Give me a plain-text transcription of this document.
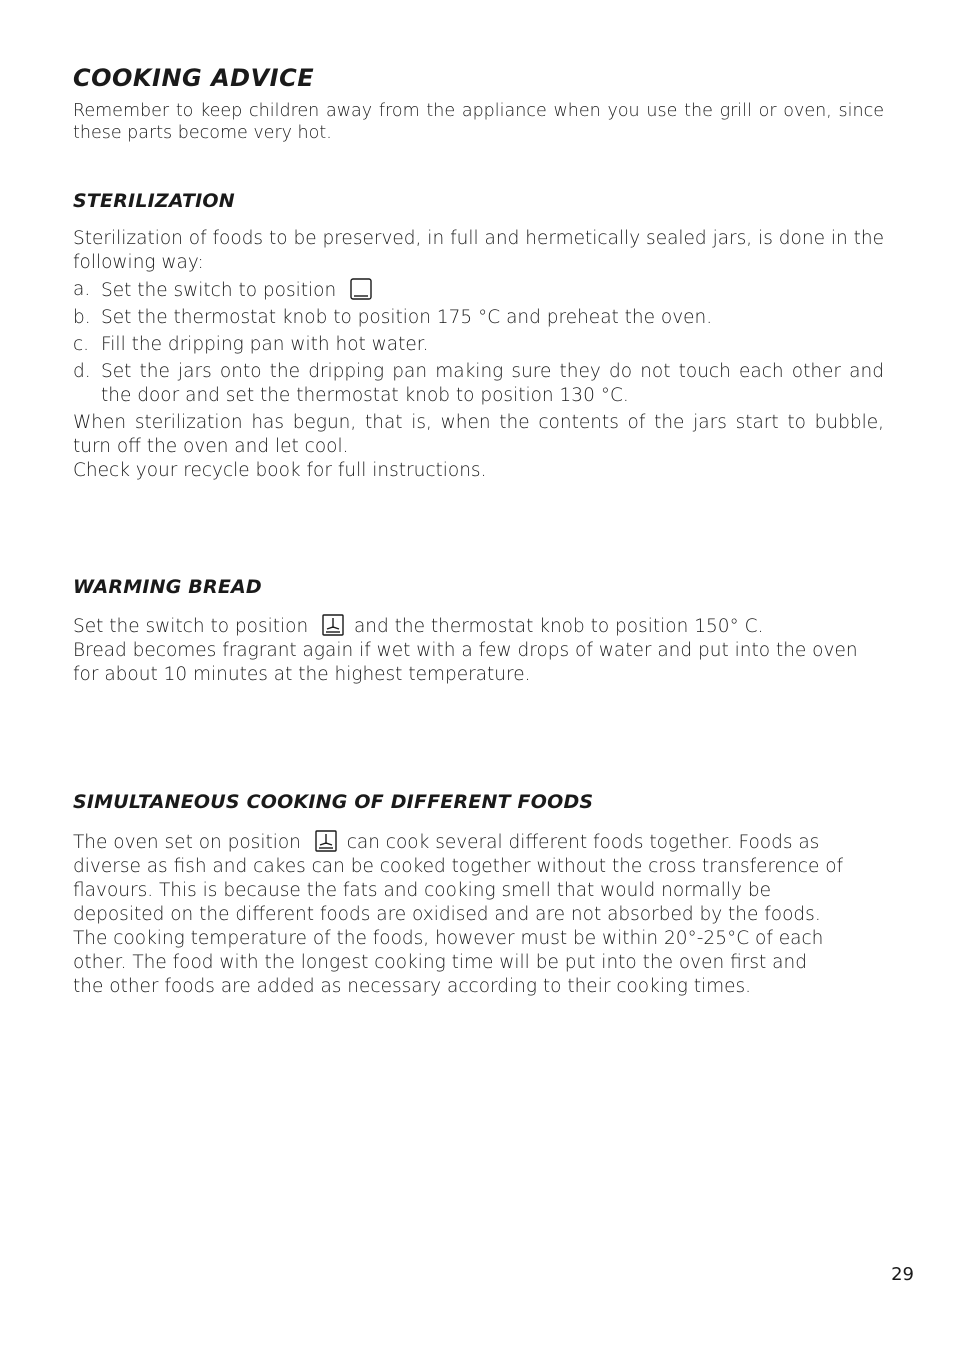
COOKING ADVICE

Remember to keep children away from the appliance when you use the grill or oven, since these parts become very hot.

STERILIZATION

Sterilization of foods to be preserved, in full and hermetically sealed jars, is done in the following way:

a. Set the switch to position
b. Set the thermostat knob to position 175 °C and preheat the oven.
c. Fill the dripping pan with hot water.
d. Set the jars onto the dripping pan making sure they do not touch each other and the door and set the thermostat knob to position 130 °C.

When sterilization has begun, that is, when the contents of the jars start to bubble, turn off the oven and let cool.

Check your recycle book for full instructions.

WARMING BREAD

Set the switch to position and the thermostat knob to position 150° C.

Bread becomes fragrant again if wet with a few drops of water and put into the oven for about 10 minutes at the highest temperature.

SIMULTANEOUS COOKING OF DIFFERENT FOODS

The oven set on position can cook several different foods together. Foods as

diverse as fish and cakes can be cooked together without the cross transference of

flavours. This is because the fats and cooking smell that would normally be

deposited on the different foods are oxidised and are not absorbed by the foods.

The cooking temperature of the foods, however must be within 20°-25°C of each

other. The food with the longest cooking time will be put into the oven first and

the other foods are added as necessary according to their cooking times.

29
